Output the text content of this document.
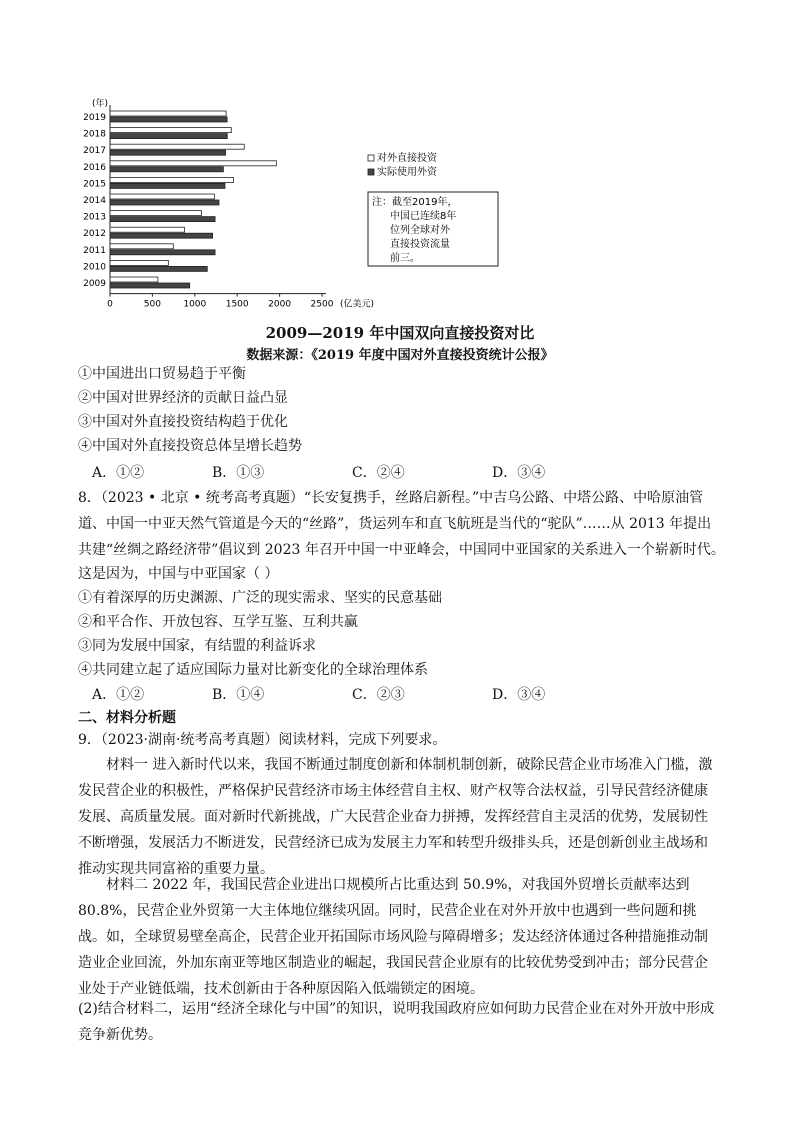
(年)
2019
2018
2017
2016
2015
2014
2013
2012
2011
2010
2009
0	500 1000 1500 2000 2500 (亿美元)
对外直接投资
实际使用外资
注：截至2019年，
中国已连续8年
位列全球对外
直接投资流量
前三。
2009—2019 年中国双向直接投资对比
数据来源：《2019 年度中国对外直接投资统计公报》
①中国进出口贸易趋于平衡
②中国对世界经济的贡献日益凸显
③中国对外直接投资结构趋于优化
④中国对外直接投资总体呈增长趋势
A．①②	B．①③	C．②④	D．③④
8．（2023 • 北京 • 统考高考真题）“长安复携手，丝路启新程。”中吉乌公路、中塔公路、中哈原油管
道、中国一中亚天然气管道是今天的“丝路”，货运列车和直飞航班是当代的“驼队”……从 2013 年提出
共建“丝绸之路经济带”倡议到 2023 年召开中国一中亚峰会，中国同中亚国家的关系进入一个崭新时代。
这是因为，中国与中亚国家（ ）
①有着深厚的历史渊源、广泛的现实需求、坚实的民意基础
②和平合作、开放包容、互学互鉴、互利共赢
③同为发展中国家，有结盟的利益诉求
④共同建立起了适应国际力量对比新变化的全球治理体系
A．①②	B．①④	C．②③	D．③④
二、材料分析题
9．（2023·湖南·统考高考真题）阅读材料，完成下列要求。
材料一 进入新时代以来，我国不断通过制度创新和体制机制创新，破除民营企业市场准入门槛，激发民营企业的积极性，严格保护民营经济市场主体经营自主权、财产权等合法权益，引导民营经济健康发展、高质量发展。面对新时代新挑战，广大民营企业奋力拼搏，发挥经营自主灵活的优势，发展韧性不断增强，发展活力不断迸发，民营经济已成为发展主力军和转型升级排头兵，还是创新创业主战场和推动实现共同富裕的重要力量。
材料二 2022 年，我国民营企业进出口规模所占比重达到 50.9%，对我国外贸增长贡献率达到 80.8%，民营企业外贸第一大主体地位继续巩固。同时，民营企业在对外开放中也遇到一些问题和挑战。如，全球贸易壁垒高企，民营企业开拓国际市场风险与障碍增多；发达经济体通过各种措施推动制造业企业回流，外加东南亚等地区制造业的崛起，我国民营企业原有的比较优势受到冲击；部分民营企业处于产业链低端，技术创新由于各种原因陷入低端锁定的困境。
(2)结合材料二，运用“经济全球化与中国”的知识，说明我国政府应如何助力民营企业在对外开放中形成竞争新优势。
